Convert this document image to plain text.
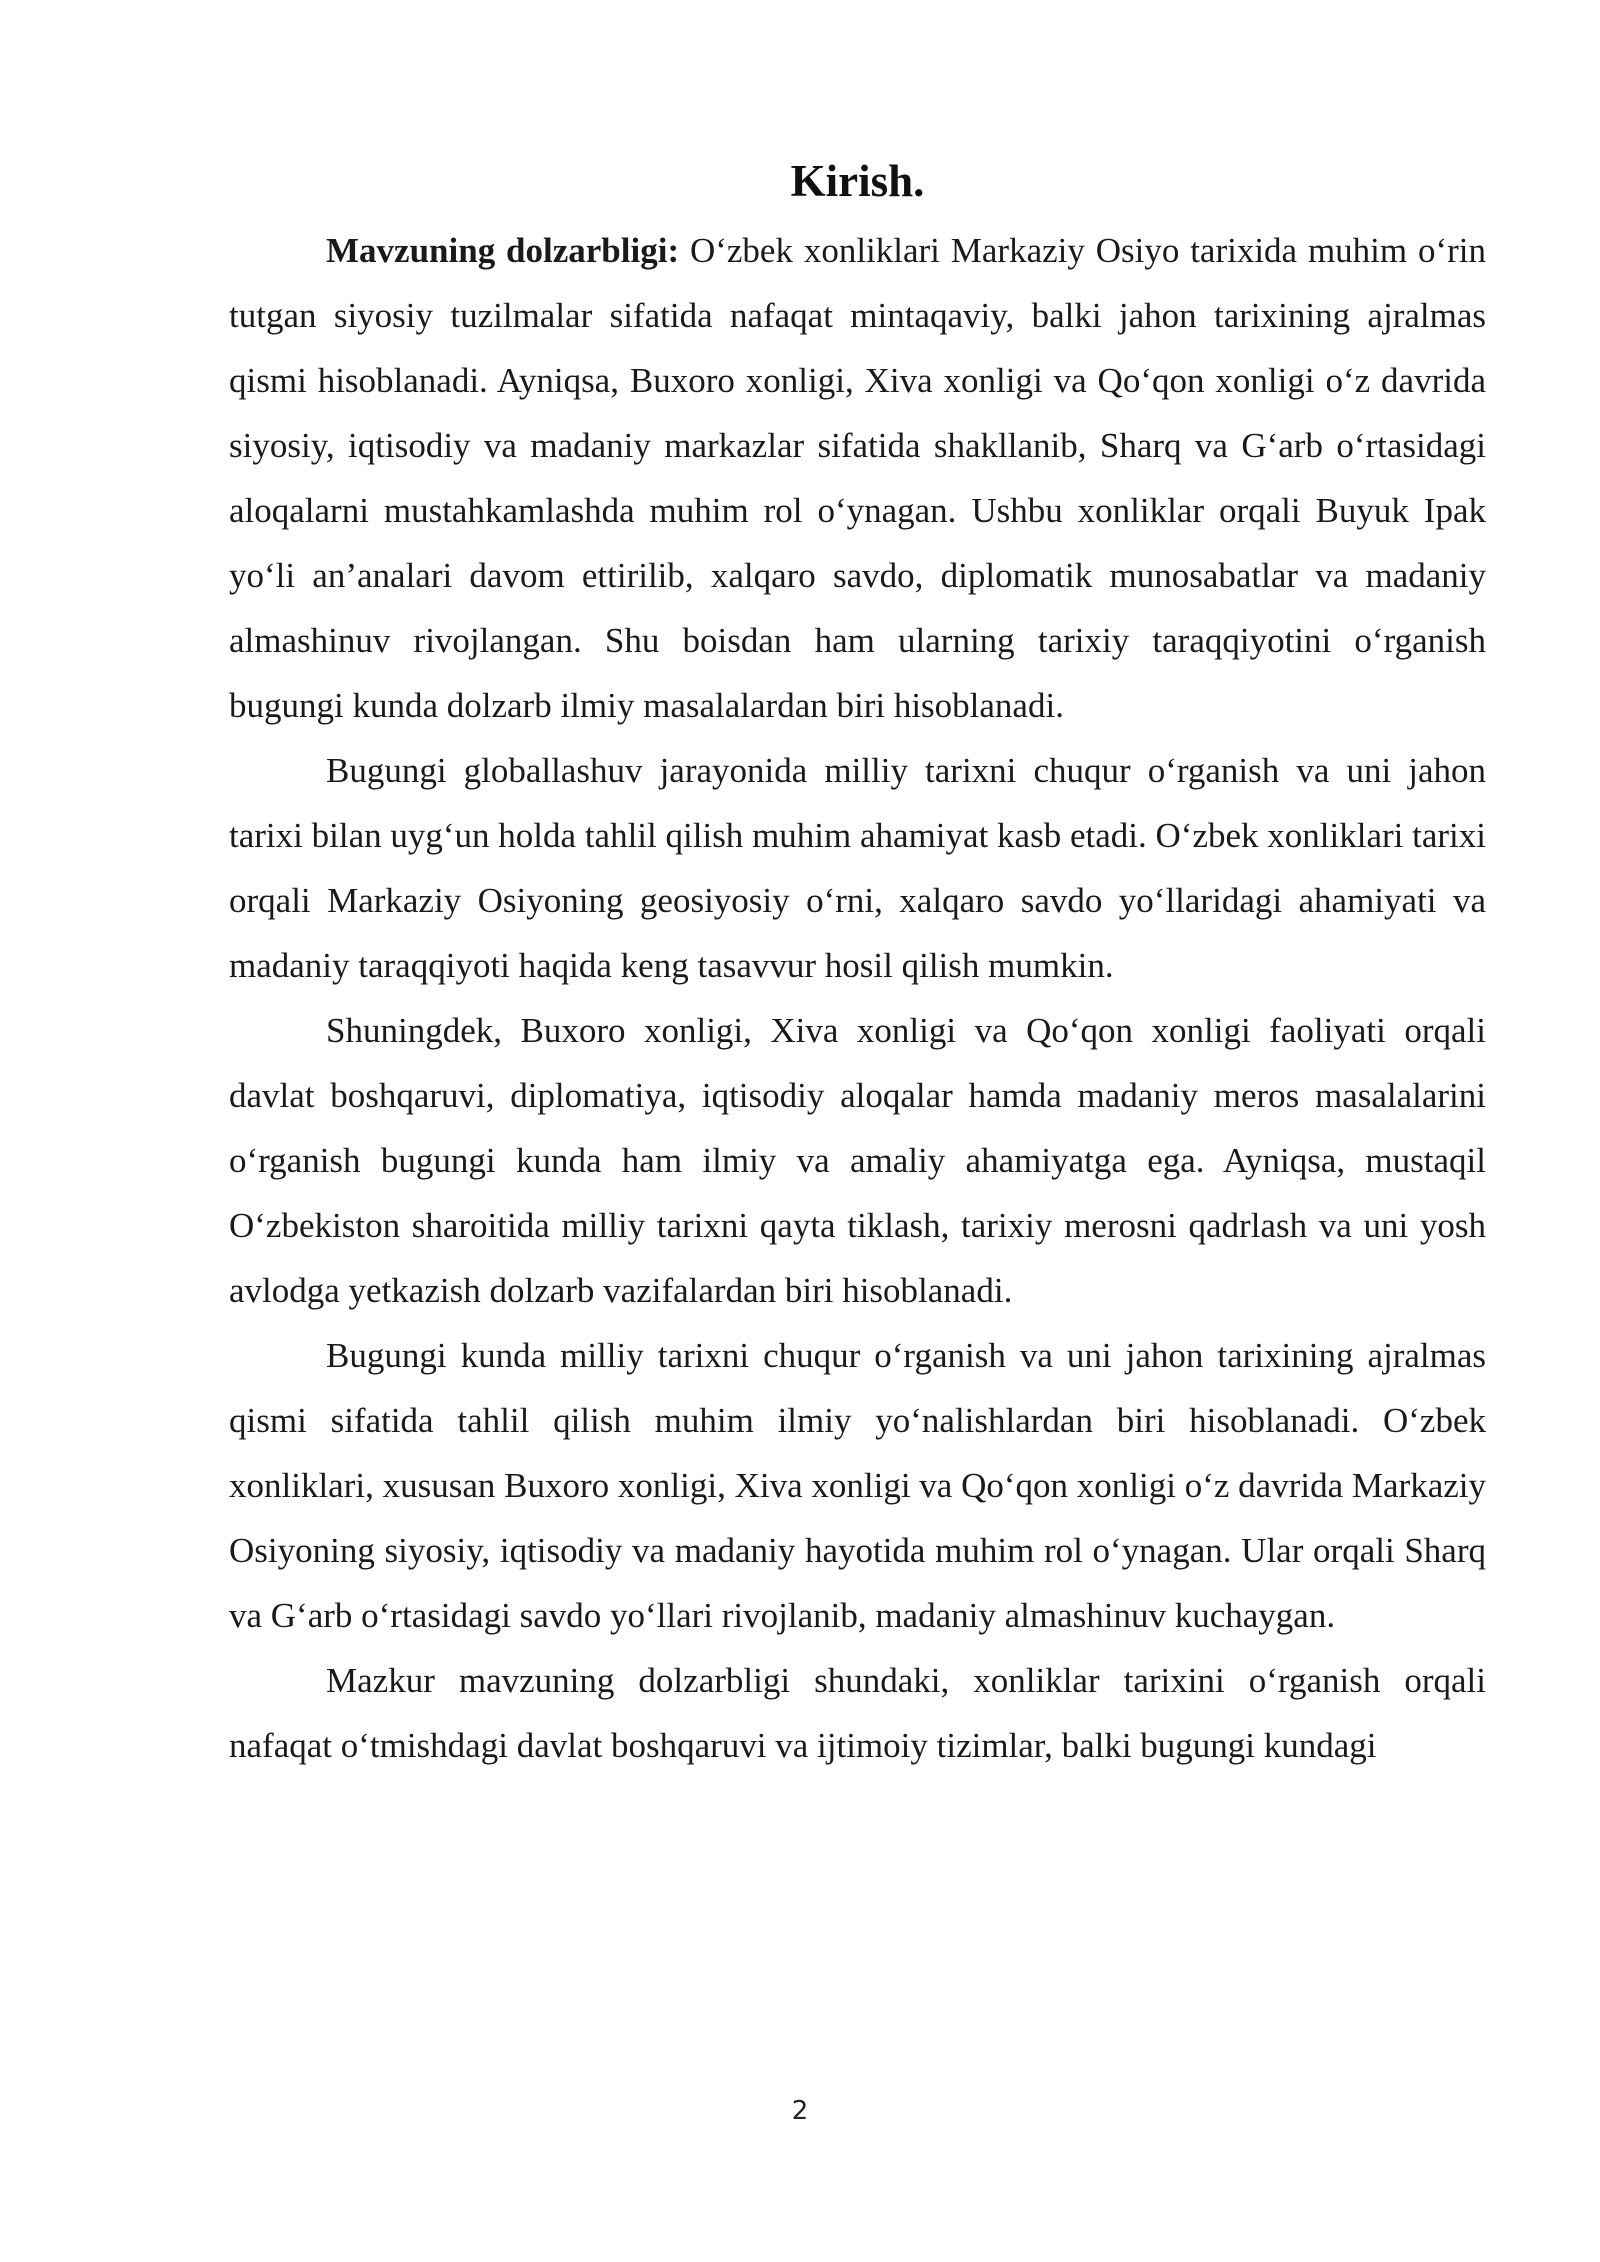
Kirish.

Mavzuning dolzarbligi: O‘zbek xonliklari Markaziy Osiyo tarixida muhim o‘rin tutgan siyosiy tuzilmalar sifatida nafaqat mintaqaviy, balki jahon tarixining ajralmas qismi hisoblanadi. Ayniqsa, Buxoro xonligi, Xiva xonligi va Qo‘qon xonligi o‘z davrida siyosiy, iqtisodiy va madaniy markazlar sifatida shakllanib, Sharq va G‘arb o‘rtasidagi aloqalarni mustahkamlashda muhim rol o‘ynagan. Ushbu xonliklar orqali Buyuk Ipak yo‘li an’analari davom ettirilib, xalqaro savdo, diplomatik munosabatlar va madaniy almashinuv rivojlangan. Shu boisdan ham ularning tarixiy taraqqiyotini o‘rganish bugungi kunda dolzarb ilmiy masalalardan biri hisoblanadi.

Bugungi globallashuv jarayonida milliy tarixni chuqur o‘rganish va uni jahon tarixi bilan uyg‘un holda tahlil qilish muhim ahamiyat kasb etadi. O‘zbek xonliklari tarixi orqali Markaziy Osiyoning geosiyosiy o‘rni, xalqaro savdo yo‘llaridagi ahamiyati va madaniy taraqqiyoti haqida keng tasavvur hosil qilish mumkin.

Shuningdek, Buxoro xonligi, Xiva xonligi va Qo‘qon xonligi faoliyati orqali davlat boshqaruvi, diplomatiya, iqtisodiy aloqalar hamda madaniy meros masalalarini o‘rganish bugungi kunda ham ilmiy va amaliy ahamiyatga ega. Ayniqsa, mustaqil O‘zbekiston sharoitida milliy tarixni qayta tiklash, tarixiy merosni qadrlash va uni yosh avlodga yetkazish dolzarb vazifalardan biri hisoblanadi.

Bugungi kunda milliy tarixni chuqur o‘rganish va uni jahon tarixining ajralmas qismi sifatida tahlil qilish muhim ilmiy yo‘nalishlardan biri hisoblanadi. O‘zbek xonliklari, xususan Buxoro xonligi, Xiva xonligi va Qo‘qon xonligi o‘z davrida Markaziy Osiyoning siyosiy, iqtisodiy va madaniy hayotida muhim rol o‘ynagan. Ular orqali Sharq va G‘arb o‘rtasidagi savdo yo‘llari rivojlanib, madaniy almashinuv kuchaygan.

Mazkur mavzuning dolzarbligi shundaki, xonliklar tarixini o‘rganish orqali nafaqat o‘tmishdagi davlat boshqaruvi va ijtimoiy tizimlar, balki bugungi kundagi

2
